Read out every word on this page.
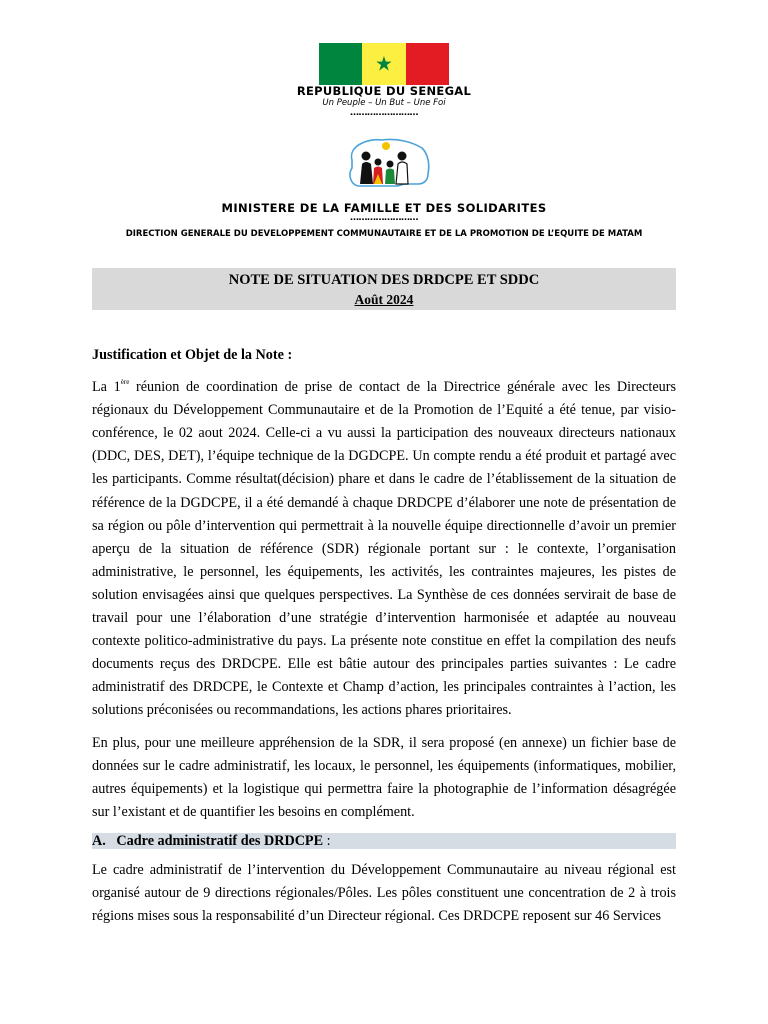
★
REPUBLIQUE DU SENEGAL
Un Peuple – Un But – Une Foi
……………………
MINISTERE DE LA FAMILLE ET DES SOLIDARITES
……………………
DIRECTION GENERALE DU DEVELOPPEMENT COMMUNAUTAIRE ET DE LA PROMOTION DE L’EQUITE DE MATAM
NOTE DE SITUATION DES DRDCPE ET SDDC
Août 2024

Justification et Objet de la Note :

La 1ère réunion de coordination de prise de contact de la Directrice générale avec les Directeurs régionaux du Développement Communautaire et de la Promotion de l’Equité a été tenue, par visio-conférence, le 02 aout 2024. Celle-ci a vu aussi la participation des nouveaux directeurs nationaux (DDC, DES, DET), l’équipe technique de la DGDCPE. Un compte rendu a été produit et partagé avec les participants. Comme résultat(décision) phare et dans le cadre de l’établissement de la situation de référence de la DGDCPE, il a été demandé à chaque DRDCPE d’élaborer une note de présentation de sa région ou pôle d’intervention qui permettrait à la nouvelle équipe directionnelle d’avoir un premier aperçu de la situation de référence (SDR) régionale portant sur : le contexte, l’organisation administrative, le personnel, les équipements, les activités, les contraintes majeures, les pistes de solution envisagées ainsi que quelques perspectives. La Synthèse de ces données servirait de base de travail pour une l’élaboration d’une stratégie d’intervention harmonisée et adaptée au nouveau contexte politico-administrative du pays. La présente note constitue en effet la compilation des neufs documents reçus des DRDCPE. Elle est bâtie autour des principales parties suivantes : Le cadre administratif des DRDCPE, le Contexte et Champ d’action, les principales contraintes à l’action, les solutions préconisées ou recommandations, les actions phares prioritaires.

En plus, pour une meilleure appréhension de la SDR, il sera proposé (en annexe) un fichier base de données sur le cadre administratif, les locaux, le personnel, les équipements (informatiques, mobilier, autres équipements) et la logistique qui permettra faire la photographie de l’information désagrégée sur l’existant et de quantifier les besoins en complément.

A.   Cadre administratif des DRDCPE :

Le cadre administratif de l’intervention du Développement Communautaire au niveau régional est organisé autour de 9 directions régionales/Pôles. Les pôles constituent une concentration de 2 à trois régions mises sous la responsabilité d’un Directeur régional. Ces DRDCPE reposent sur 46 Services
